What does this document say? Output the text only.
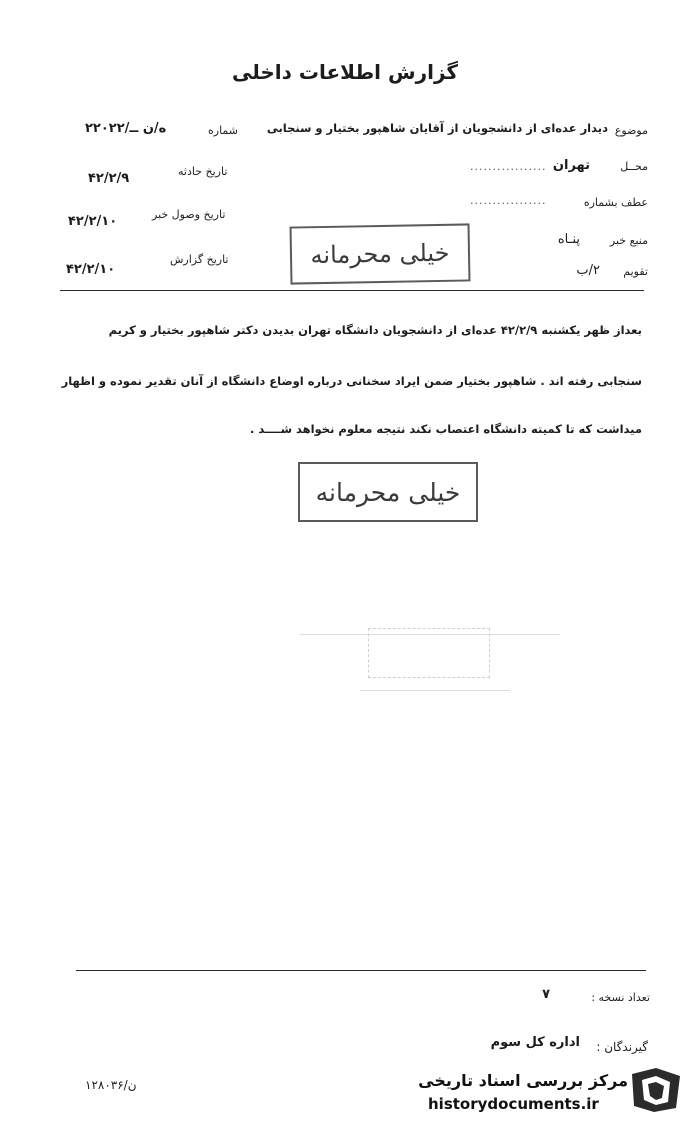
گزارش اطلاعات داخلی
موضوع
دیدار عده‌ای از دانشجویان از آقایان شاهپور بختیار و سنجابی
محــل
................. تهران
عطف بشماره
.................
منبع خبر
پنـاه
تقویم
۲/ب
شماره
۲۲۰۲۲/ه/ن ــ
تاریخ حادثه
۴۲/۲/۹
تاریخ وصول خبر
۴۲/۲/۱۰
تاریخ گزارش
۴۲/۲/۱۰
خیلی محرمانه
بعداز ظهر یکشنبه ۴۲/۲/۹ عده‌ای از دانشجویان دانشگاه تهران بدیدن دکتر شاهپور بختیار و کریم
سنجابی رفته اند . شاهپور بختیار ضمن ایراد سخنانی درباره اوضاع دانشگاه از آنان تقدیر نموده و اظهار
میداشت که تا کمیته دانشگاه اعتصاب نکند نتیجه معلوم نخواهد شــــد .
خیلی محرمانه
تعداد نسخه :
۷
گیرندگان :
اداره کل سوم
۱۲۸۰۳۶/ن	مرکز بررسی اسناد تاریخی
historydocuments.ir
